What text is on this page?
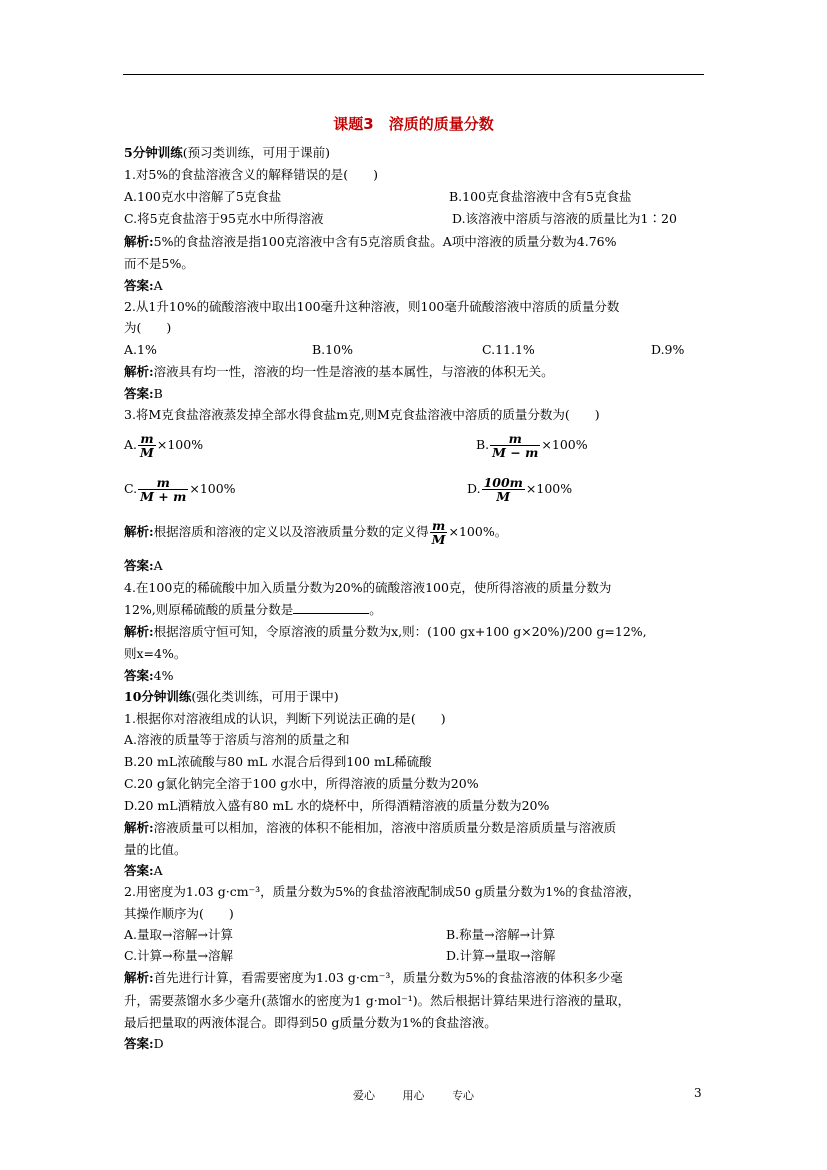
课题3　溶质的质量分数
5分钟训练(预习类训练，可用于课前)
1.对5%的食盐溶液含义的解释错误的是(　　)
A.100克水中溶解了5克食盐	B.100克食盐溶液中含有5克食盐
C.将5克食盐溶于95克水中所得溶液	D.该溶液中溶质与溶液的质量比为1∶20
解析:5%的食盐溶液是指100克溶液中含有5克溶质食盐。A项中溶液的质量分数为4.76%
而不是5%。
答案:A
2.从1升10%的硫酸溶液中取出100毫升这种溶液，则100毫升硫酸溶液中溶质的质量分数
为(　　)
A.1%	B.10%	C.11.1%	D.9%
解析:溶液具有均一性，溶液的均一性是溶液的基本属性，与溶液的体积无关。
答案:B
3.将M克食盐溶液蒸发掉全部水得食盐m克,则M克食盐溶液中溶质的质量分数为(　　)
A. $\frac{m}{M} \times 100\%$	B. $\frac{m}{M - m} \times 100\%$
C. $\frac{m}{M + m} \times 100\%$	D. $\frac{100m}{M} \times 100\%$
解析:根据溶质和溶液的定义以及溶液质量分数的定义得 $\frac{m}{M} \times 100\%$。
答案:A
4.在100克的稀硫酸中加入质量分数为20%的硫酸溶液100克，使所得溶液的质量分数为
12%,则原稀硫酸的质量分数是	。
解析:根据溶质守恒可知，令原溶液的质量分数为x,则：(100 gx+100 g×20%)/200 g=12%,
则x=4%。
答案:4%
10分钟训练(强化类训练，可用于课中)
1.根据你对溶液组成的认识，判断下列说法正确的是(　　)
A.溶液的质量等于溶质与溶剂的质量之和
B.20 mL浓硫酸与80 mL 水混合后得到100 mL稀硫酸
C.20 g氯化钠完全溶于100 g水中，所得溶液的质量分数为20%
D.20 mL酒精放入盛有80 mL 水的烧杯中，所得酒精溶液的质量分数为20%
解析:溶液质量可以相加，溶液的体积不能相加，溶液中溶质质量分数是溶质质量与溶液质
量的比值。
答案:A
2.用密度为1.03 g·cm⁻³，质量分数为5%的食盐溶液配制成50 g质量分数为1%的食盐溶液，
其操作顺序为(　　)
A.量取→溶解→计算	B.称量→溶解→计算
C.计算→称量→溶解	D.计算→量取→溶解
解析:首先进行计算，看需要密度为1.03 g·cm⁻³，质量分数为5%的食盐溶液的体积多少毫
升，需要蒸馏水多少毫升(蒸馏水的密度为1 g·mol⁻¹)。然后根据计算结果进行溶液的量取，
最后把量取的两液体混合。即得到50 g质量分数为1%的食盐溶液。
答案:D
爱心	用心	专心	3
